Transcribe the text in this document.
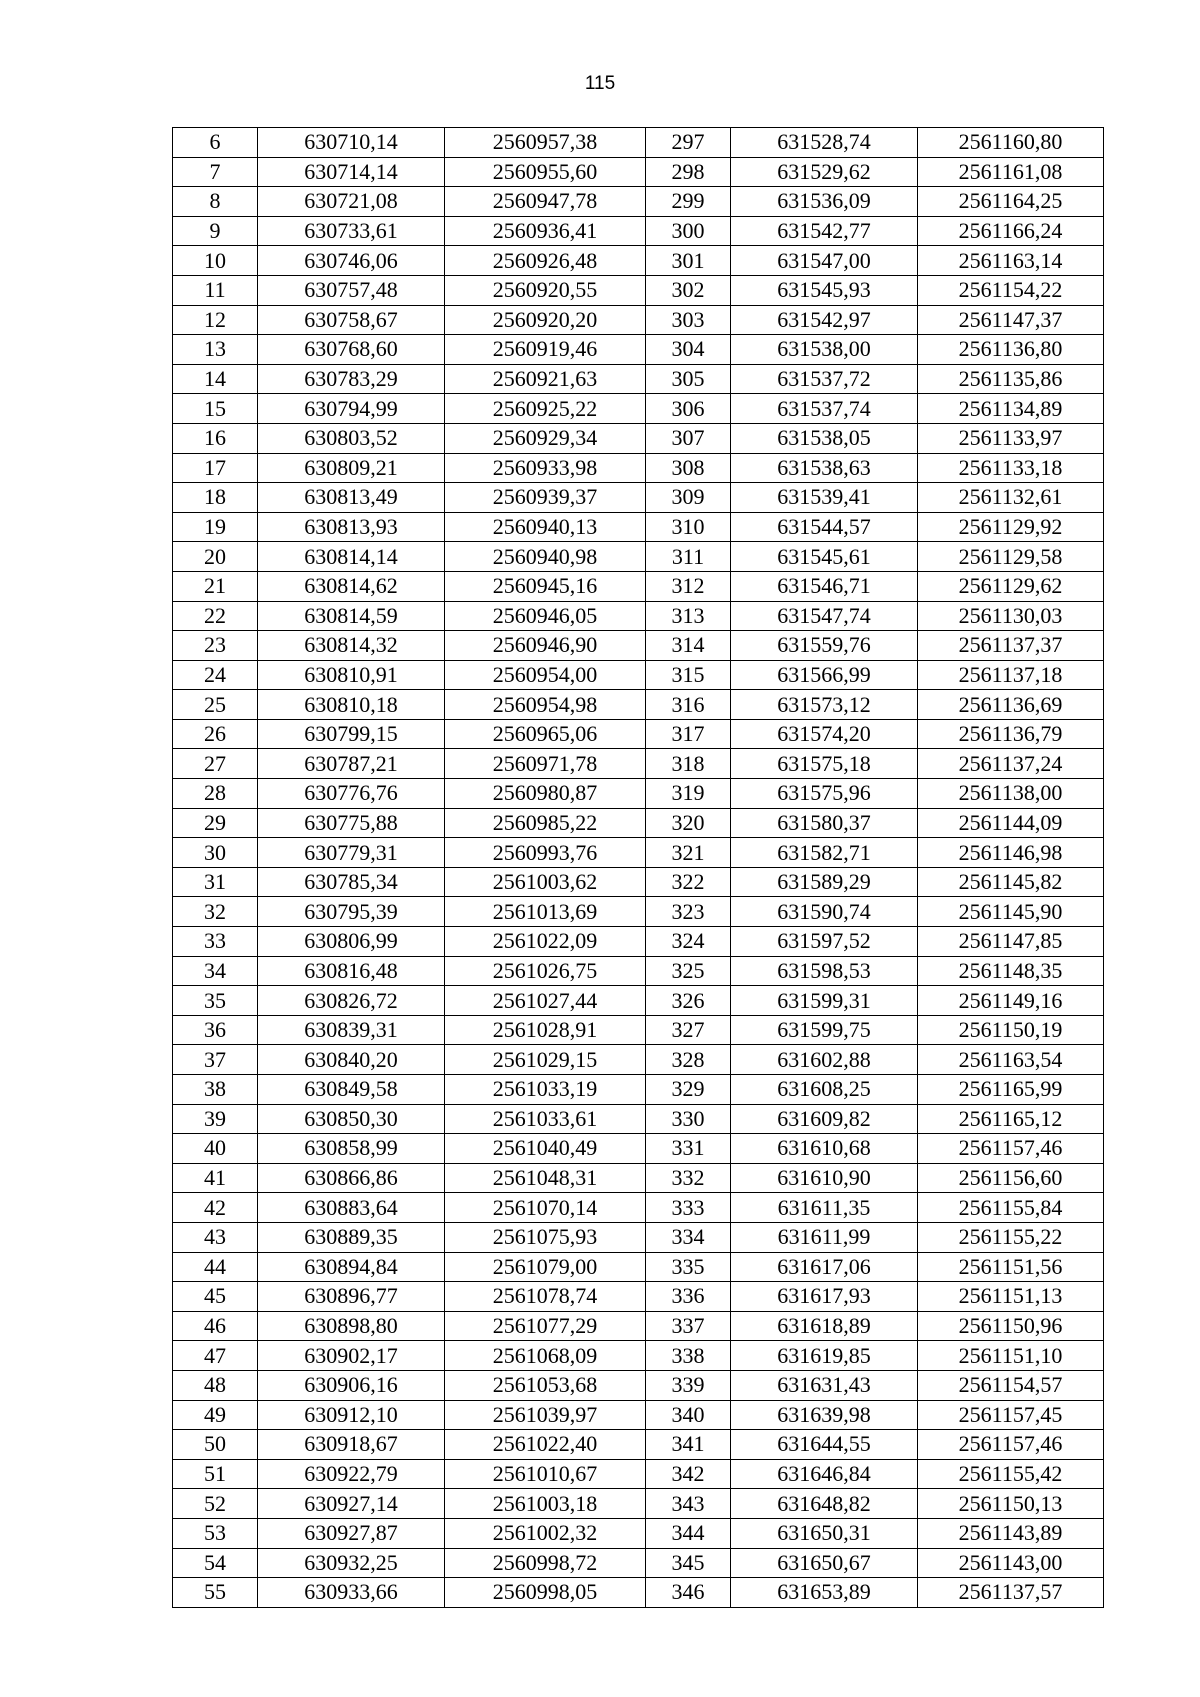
115
6	630710,14	2560957,38	297	631528,74	2561160,80
7	630714,14	2560955,60	298	631529,62	2561161,08
8	630721,08	2560947,78	299	631536,09	2561164,25
9	630733,61	2560936,41	300	631542,77	2561166,24
10	630746,06	2560926,48	301	631547,00	2561163,14
11	630757,48	2560920,55	302	631545,93	2561154,22
12	630758,67	2560920,20	303	631542,97	2561147,37
13	630768,60	2560919,46	304	631538,00	2561136,80
14	630783,29	2560921,63	305	631537,72	2561135,86
15	630794,99	2560925,22	306	631537,74	2561134,89
16	630803,52	2560929,34	307	631538,05	2561133,97
17	630809,21	2560933,98	308	631538,63	2561133,18
18	630813,49	2560939,37	309	631539,41	2561132,61
19	630813,93	2560940,13	310	631544,57	2561129,92
20	630814,14	2560940,98	311	631545,61	2561129,58
21	630814,62	2560945,16	312	631546,71	2561129,62
22	630814,59	2560946,05	313	631547,74	2561130,03
23	630814,32	2560946,90	314	631559,76	2561137,37
24	630810,91	2560954,00	315	631566,99	2561137,18
25	630810,18	2560954,98	316	631573,12	2561136,69
26	630799,15	2560965,06	317	631574,20	2561136,79
27	630787,21	2560971,78	318	631575,18	2561137,24
28	630776,76	2560980,87	319	631575,96	2561138,00
29	630775,88	2560985,22	320	631580,37	2561144,09
30	630779,31	2560993,76	321	631582,71	2561146,98
31	630785,34	2561003,62	322	631589,29	2561145,82
32	630795,39	2561013,69	323	631590,74	2561145,90
33	630806,99	2561022,09	324	631597,52	2561147,85
34	630816,48	2561026,75	325	631598,53	2561148,35
35	630826,72	2561027,44	326	631599,31	2561149,16
36	630839,31	2561028,91	327	631599,75	2561150,19
37	630840,20	2561029,15	328	631602,88	2561163,54
38	630849,58	2561033,19	329	631608,25	2561165,99
39	630850,30	2561033,61	330	631609,82	2561165,12
40	630858,99	2561040,49	331	631610,68	2561157,46
41	630866,86	2561048,31	332	631610,90	2561156,60
42	630883,64	2561070,14	333	631611,35	2561155,84
43	630889,35	2561075,93	334	631611,99	2561155,22
44	630894,84	2561079,00	335	631617,06	2561151,56
45	630896,77	2561078,74	336	631617,93	2561151,13
46	630898,80	2561077,29	337	631618,89	2561150,96
47	630902,17	2561068,09	338	631619,85	2561151,10
48	630906,16	2561053,68	339	631631,43	2561154,57
49	630912,10	2561039,97	340	631639,98	2561157,45
50	630918,67	2561022,40	341	631644,55	2561157,46
51	630922,79	2561010,67	342	631646,84	2561155,42
52	630927,14	2561003,18	343	631648,82	2561150,13
53	630927,87	2561002,32	344	631650,31	2561143,89
54	630932,25	2560998,72	345	631650,67	2561143,00
55	630933,66	2560998,05	346	631653,89	2561137,57
